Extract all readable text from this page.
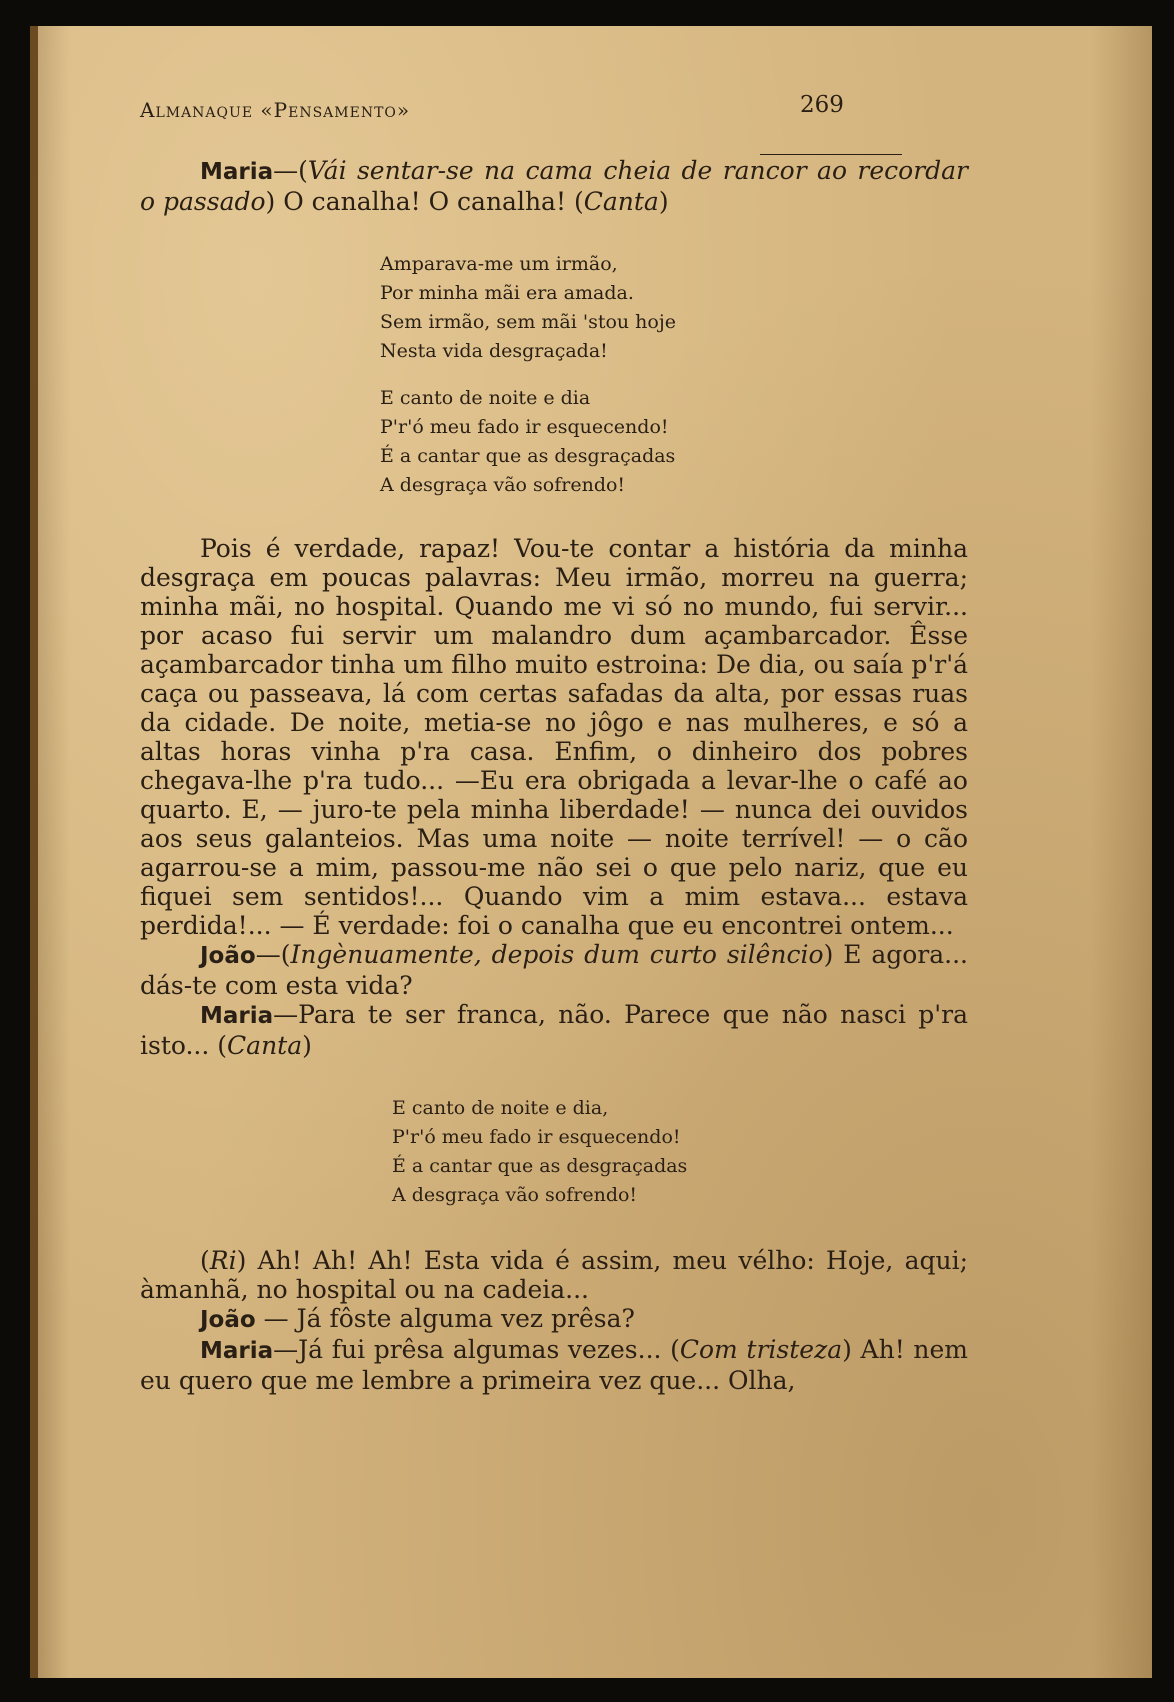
Almanaque «Pensamento»	269

Maria—(Vái sentar-se na cama cheia de rancor ao recordar o passado) O canalha! O canalha! (Canta)

Amparava-me um irmão,

Por minha mãi era amada.

Sem irmão, sem mãi 'stou hoje

Nesta vida desgraçada!

E canto de noite e dia

P'r'ó meu fado ir esquecendo!

É a cantar que as desgraçadas

A desgraça vão sofrendo!

Pois é verdade, rapaz! Vou-te contar a história da minha desgraça em poucas palavras: Meu irmão, morreu na guerra; minha mãi, no hospital. Quando me vi só no mundo, fui servir... por acaso fui servir um malandro dum açambarcador. Êsse açambarcador tinha um filho muito estroina: De dia, ou saía p'r'á caça ou passeava, lá com certas safadas da alta, por essas ruas da cidade. De noite, metia-se no jôgo e nas mulheres, e só a altas horas vinha p'ra casa. Enfim, o dinheiro dos pobres chegava-lhe p'ra tudo... —Eu era obrigada a levar-lhe o café ao quarto. E, — juro-te pela minha liberdade! — nunca dei ouvidos aos seus galanteios. Mas uma noite — noite terrível! — o cão agarrou-se a mim, passou-me não sei o que pelo nariz, que eu fiquei sem sentidos!... Quando vim a mim estava... estava perdida!... — É verdade: foi o canalha que eu encontrei ontem...

João—(Ingènuamente, depois dum curto silêncio) E agora... dás-te com esta vida?

Maria—Para te ser franca, não. Parece que não nasci p'ra isto... (Canta)

E canto de noite e dia,

P'r'ó meu fado ir esquecendo!

É a cantar que as desgraçadas

A desgraça vão sofrendo!

(Ri) Ah! Ah! Ah! Esta vida é assim, meu vélho: Hoje, aqui; àmanhã, no hospital ou na cadeia...

João — Já fôste alguma vez prêsa?

Maria—Já fui prêsa algumas vezes... (Com tristeza) Ah! nem eu quero que me lembre a primeira vez que... Olha,
